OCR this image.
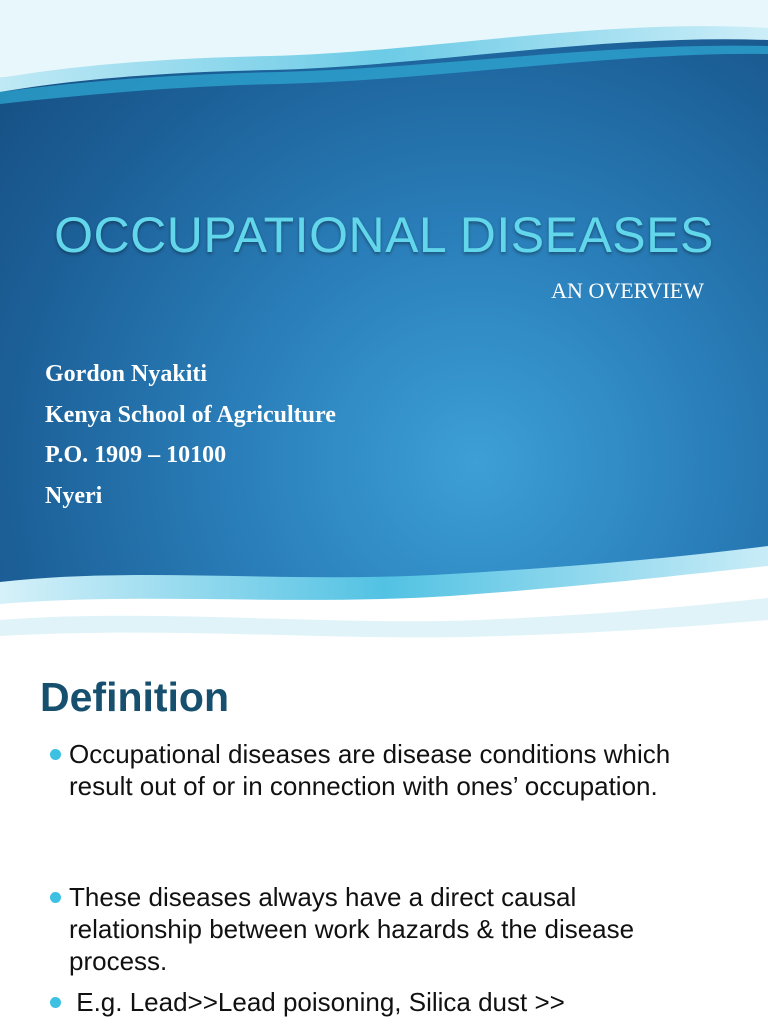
OCCUPATIONAL DISEASES
AN OVERVIEW
Gordon Nyakiti
Kenya School of Agriculture
P.O. 1909 – 10100
Nyeri
Definition
Occupational diseases are disease conditions which result out of or in connection with ones’ occupation.
These diseases always have a direct causal relationship between work hazards & the disease process.
E.g. Lead>>Lead poisoning, Silica dust >>
